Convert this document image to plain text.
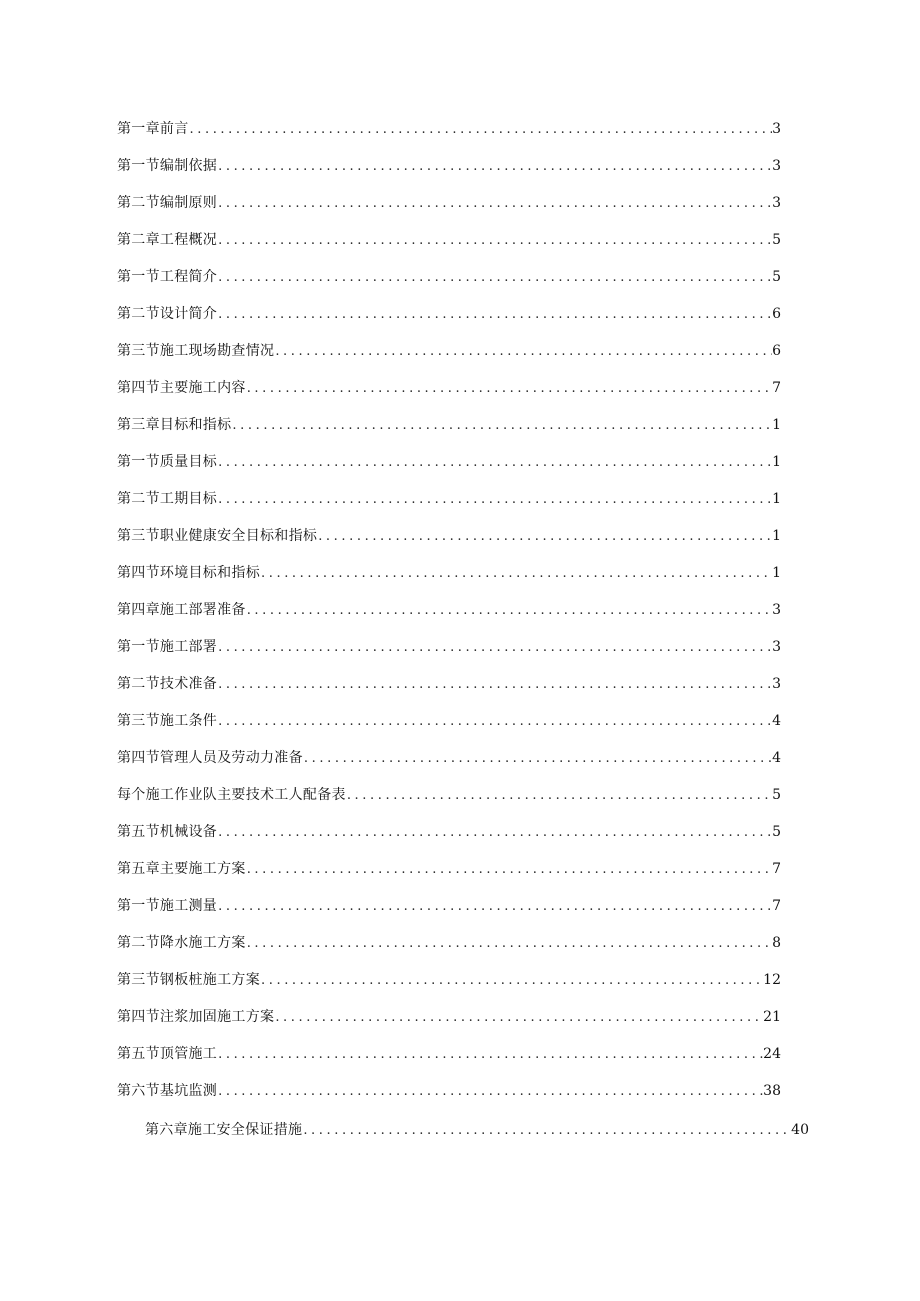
第一章前言 .....	3
第一节编制依据 .....	3
第二节编制原则 .....	3
第二章工程概况 .....	5
第一节工程简介 .....	5
第二节设计简介 .....	6
第三节施工现场勘查情况 .....	6
第四节主要施工内容 .....	7
第三章目标和指标 .....	1
第一节质量目标 .....	1
第二节工期目标 .....	1
第三节职业健康安全目标和指标 .....	1
第四节环境目标和指标 .....	1
第四章施工部署准备 .....	3
第一节施工部署 .....	3
第二节技术准备 .....	3
第三节施工条件 .....	4
第四节管理人员及劳动力准备 .....	4
每个施工作业队主要技术工人配备表 .....	5
第五节机械设备 .....	5
第五章主要施工方案 .....	7
第一节施工测量 .....	7
第二节降水施工方案 .....	8
第三节钢板桩施工方案 .....	12
第四节注浆加固施工方案 .....	21
第五节顶管施工 .....	24
第六节基坑监测 .....	38
第六章施工安全保证措施 .....	40
